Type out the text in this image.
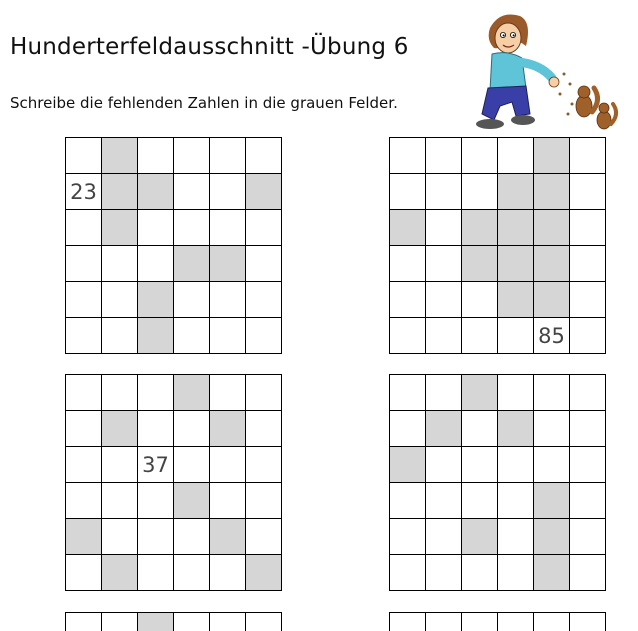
Hunderterfeldausschnitt -Übung 6
Schreibe die fehlenden Zahlen in die grauen Felder.
23
85
37
